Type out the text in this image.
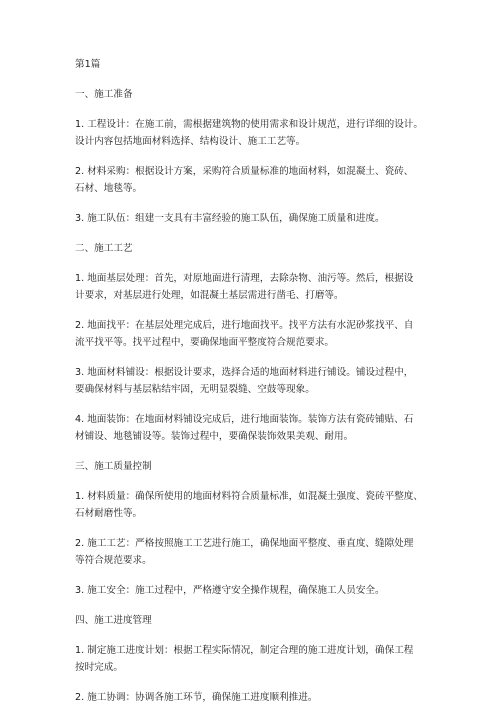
第1篇

一、施工准备

1. 工程设计：在施工前，需根据建筑物的使用需求和设计规范，进行详细的设计。

设计内容包括地面材料选择、结构设计、施工工艺等。

2. 材料采购：根据设计方案，采购符合质量标准的地面材料，如混凝土、瓷砖、

石材、地毯等。

3. 施工队伍：组建一支具有丰富经验的施工队伍，确保施工质量和进度。

二、施工工艺

1. 地面基层处理：首先，对原地面进行清理，去除杂物、油污等。然后，根据设

计要求，对基层进行处理，如混凝土基层需进行凿毛、打磨等。

2. 地面找平：在基层处理完成后，进行地面找平。找平方法有水泥砂浆找平、自

流平找平等。找平过程中，要确保地面平整度符合规范要求。

3. 地面材料铺设：根据设计要求，选择合适的地面材料进行铺设。铺设过程中，

要确保材料与基层粘结牢固，无明显裂缝、空鼓等现象。

4. 地面装饰：在地面材料铺设完成后，进行地面装饰。装饰方法有瓷砖铺贴、石

材铺设、地毯铺设等。装饰过程中，要确保装饰效果美观、耐用。

三、施工质量控制

1. 材料质量：确保所使用的地面材料符合质量标准，如混凝土强度、瓷砖平整度、

石材耐磨性等。

2. 施工工艺：严格按照施工工艺进行施工，确保地面平整度、垂直度、缝隙处理

等符合规范要求。

3. 施工安全：施工过程中，严格遵守安全操作规程，确保施工人员安全。

四、施工进度管理

1. 制定施工进度计划：根据工程实际情况，制定合理的施工进度计划，确保工程

按时完成。

2. 施工协调：协调各施工环节，确保施工进度顺利推进。
